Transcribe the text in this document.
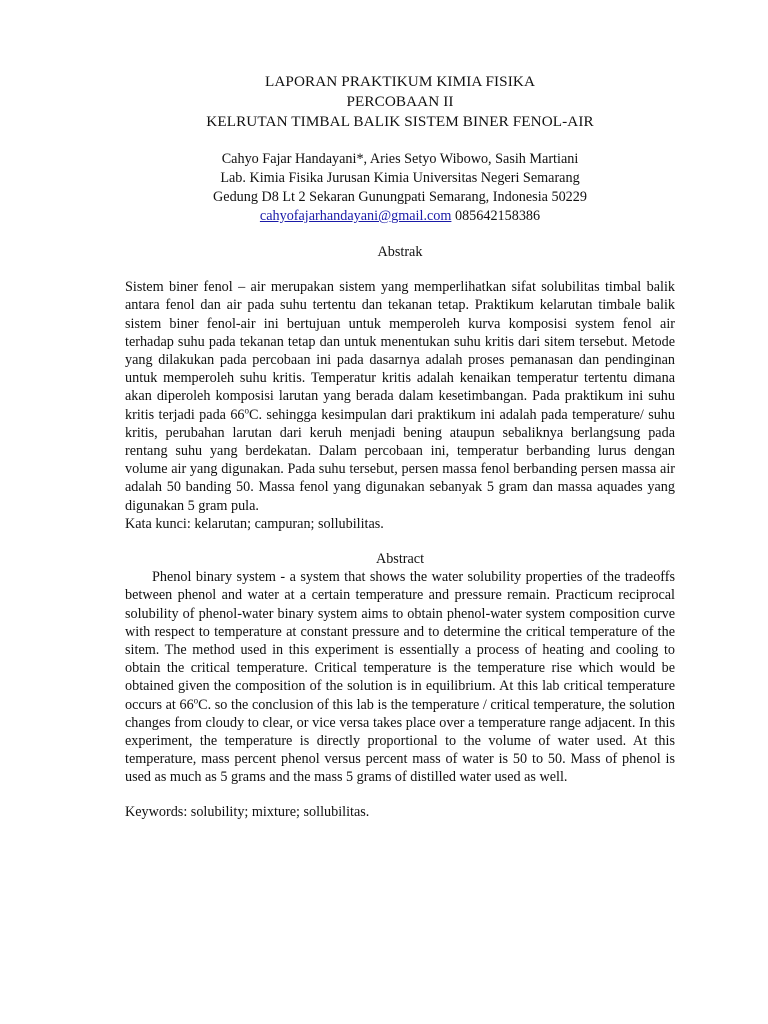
LAPORAN PRAKTIKUM KIMIA FISIKA
PERCOBAAN II
KELRUTAN TIMBAL BALIK SISTEM BINER FENOL-AIR
Cahyo Fajar Handayani*, Aries Setyo Wibowo, Sasih Martiani
Lab. Kimia Fisika Jurusan Kimia Universitas Negeri Semarang
Gedung D8 Lt 2 Sekaran Gunungpati Semarang, Indonesia 50229
cahyofajarhandayani@gmail.com 085642158386
Abstrak

Sistem biner fenol – air merupakan sistem yang memperlihatkan sifat solubilitas timbal balik antara fenol dan air pada suhu tertentu dan tekanan tetap. Praktikum kelarutan timbale balik sistem biner fenol-air ini bertujuan untuk memperoleh kurva komposisi system fenol air terhadap suhu pada tekanan tetap dan untuk menentukan suhu kritis dari sitem tersebut. Metode yang dilakukan pada percobaan ini pada dasarnya adalah proses pemanasan dan pendinginan untuk memperoleh suhu kritis. Temperatur kritis adalah kenaikan temperatur tertentu dimana akan diperoleh komposisi larutan yang berada dalam kesetimbangan. Pada praktikum ini suhu kritis terjadi pada 66$^o$C. sehingga kesimpulan dari praktikum ini adalah pada temperature/ suhu kritis, perubahan larutan dari keruh menjadi bening ataupun sebaliknya berlangsung pada rentang suhu yang berdekatan. Dalam percobaan ini, temperatur berbanding lurus dengan volume air yang digunakan. Pada suhu tersebut, persen massa fenol berbanding persen massa air adalah 50 banding 50. Massa fenol yang digunakan sebanyak 5 gram dan massa aquades yang digunakan 5 gram pula.

Kata kunci: kelarutan; campuran; sollubilitas.

Abstract

Phenol binary system - a system that shows the water solubility properties of the tradeoffs between phenol and water at a certain temperature and pressure remain. Practicum reciprocal solubility of phenol-water binary system aims to obtain phenol-water system composition curve with respect to temperature at constant pressure and to determine the critical temperature of the sitem. The method used in this experiment is essentially a process of heating and cooling to obtain the critical temperature. Critical temperature is the temperature rise which would be obtained given the composition of the solution is in equilibrium. At this lab critical temperature occurs at 66$^o$C. so the conclusion of this lab is the temperature / critical temperature, the solution changes from cloudy to clear, or vice versa takes place over a temperature range adjacent. In this experiment, the temperature is directly proportional to the volume of water used. At this temperature, mass percent phenol versus percent mass of water is 50 to 50. Mass of phenol is used as much as 5 grams and the mass 5 grams of distilled water used as well.

Keywords: solubility; mixture; sollubilitas.
